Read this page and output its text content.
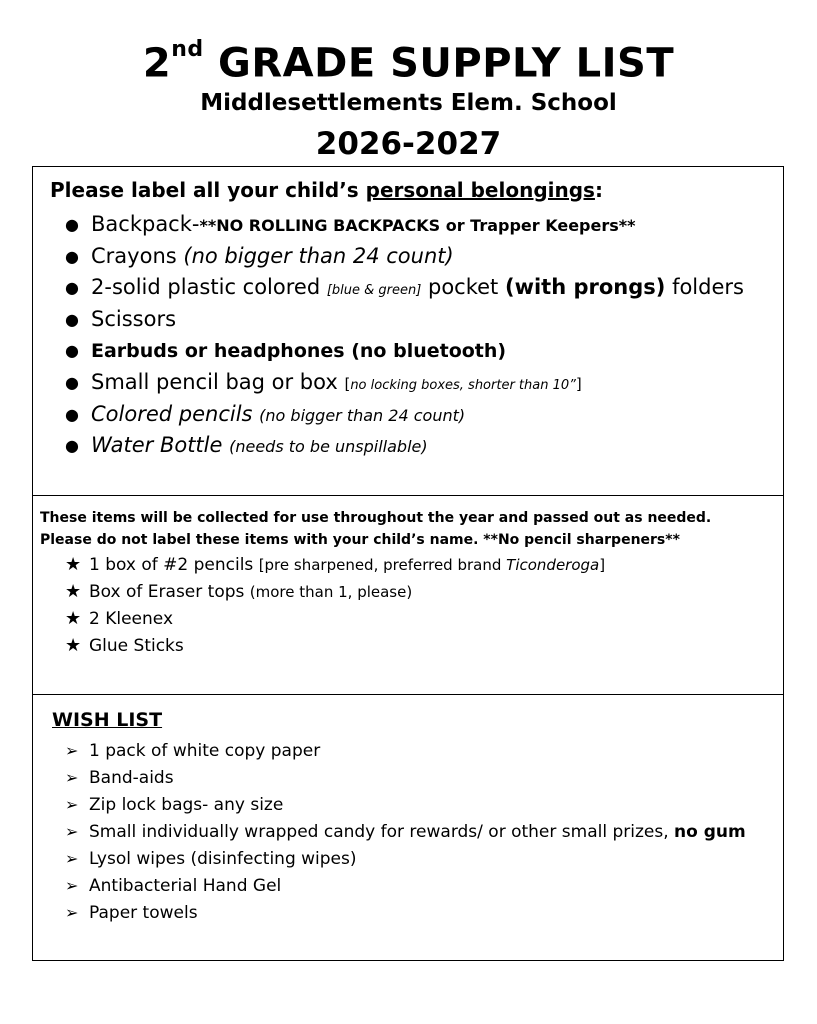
2nd GRADE SUPPLY LIST
Middlesettlements Elem. School
2026-2027
Please label all your child’s personal belongings:
● Backpack-**NO ROLLING BACKPACKS or Trapper Keepers**
● Crayons (no bigger than 24 count)
● 2-solid plastic colored [blue & green] pocket (with prongs) folders
● Scissors
● Earbuds or headphones (no bluetooth)
● Small pencil bag or box [no locking boxes, shorter than 10”]
● Colored pencils (no bigger than 24 count)
● Water Bottle (needs to be unspillable)
These items will be collected for use throughout the year and passed out as needed.
Please do not label these items with your child’s name. **No pencil sharpeners**
★ 1 box of #2 pencils [pre sharpened, preferred brand Ticonderoga]
★ Box of Eraser tops (more than 1, please)
★ 2 Kleenex
★ Glue Sticks
WISH LIST
➢ 1 pack of white copy paper
➢ Band-aids
➢ Zip lock bags- any size
➢ Small individually wrapped candy for rewards/ or other small prizes, no gum
➢ Lysol wipes (disinfecting wipes)
➢ Antibacterial Hand Gel
➢ Paper towels
